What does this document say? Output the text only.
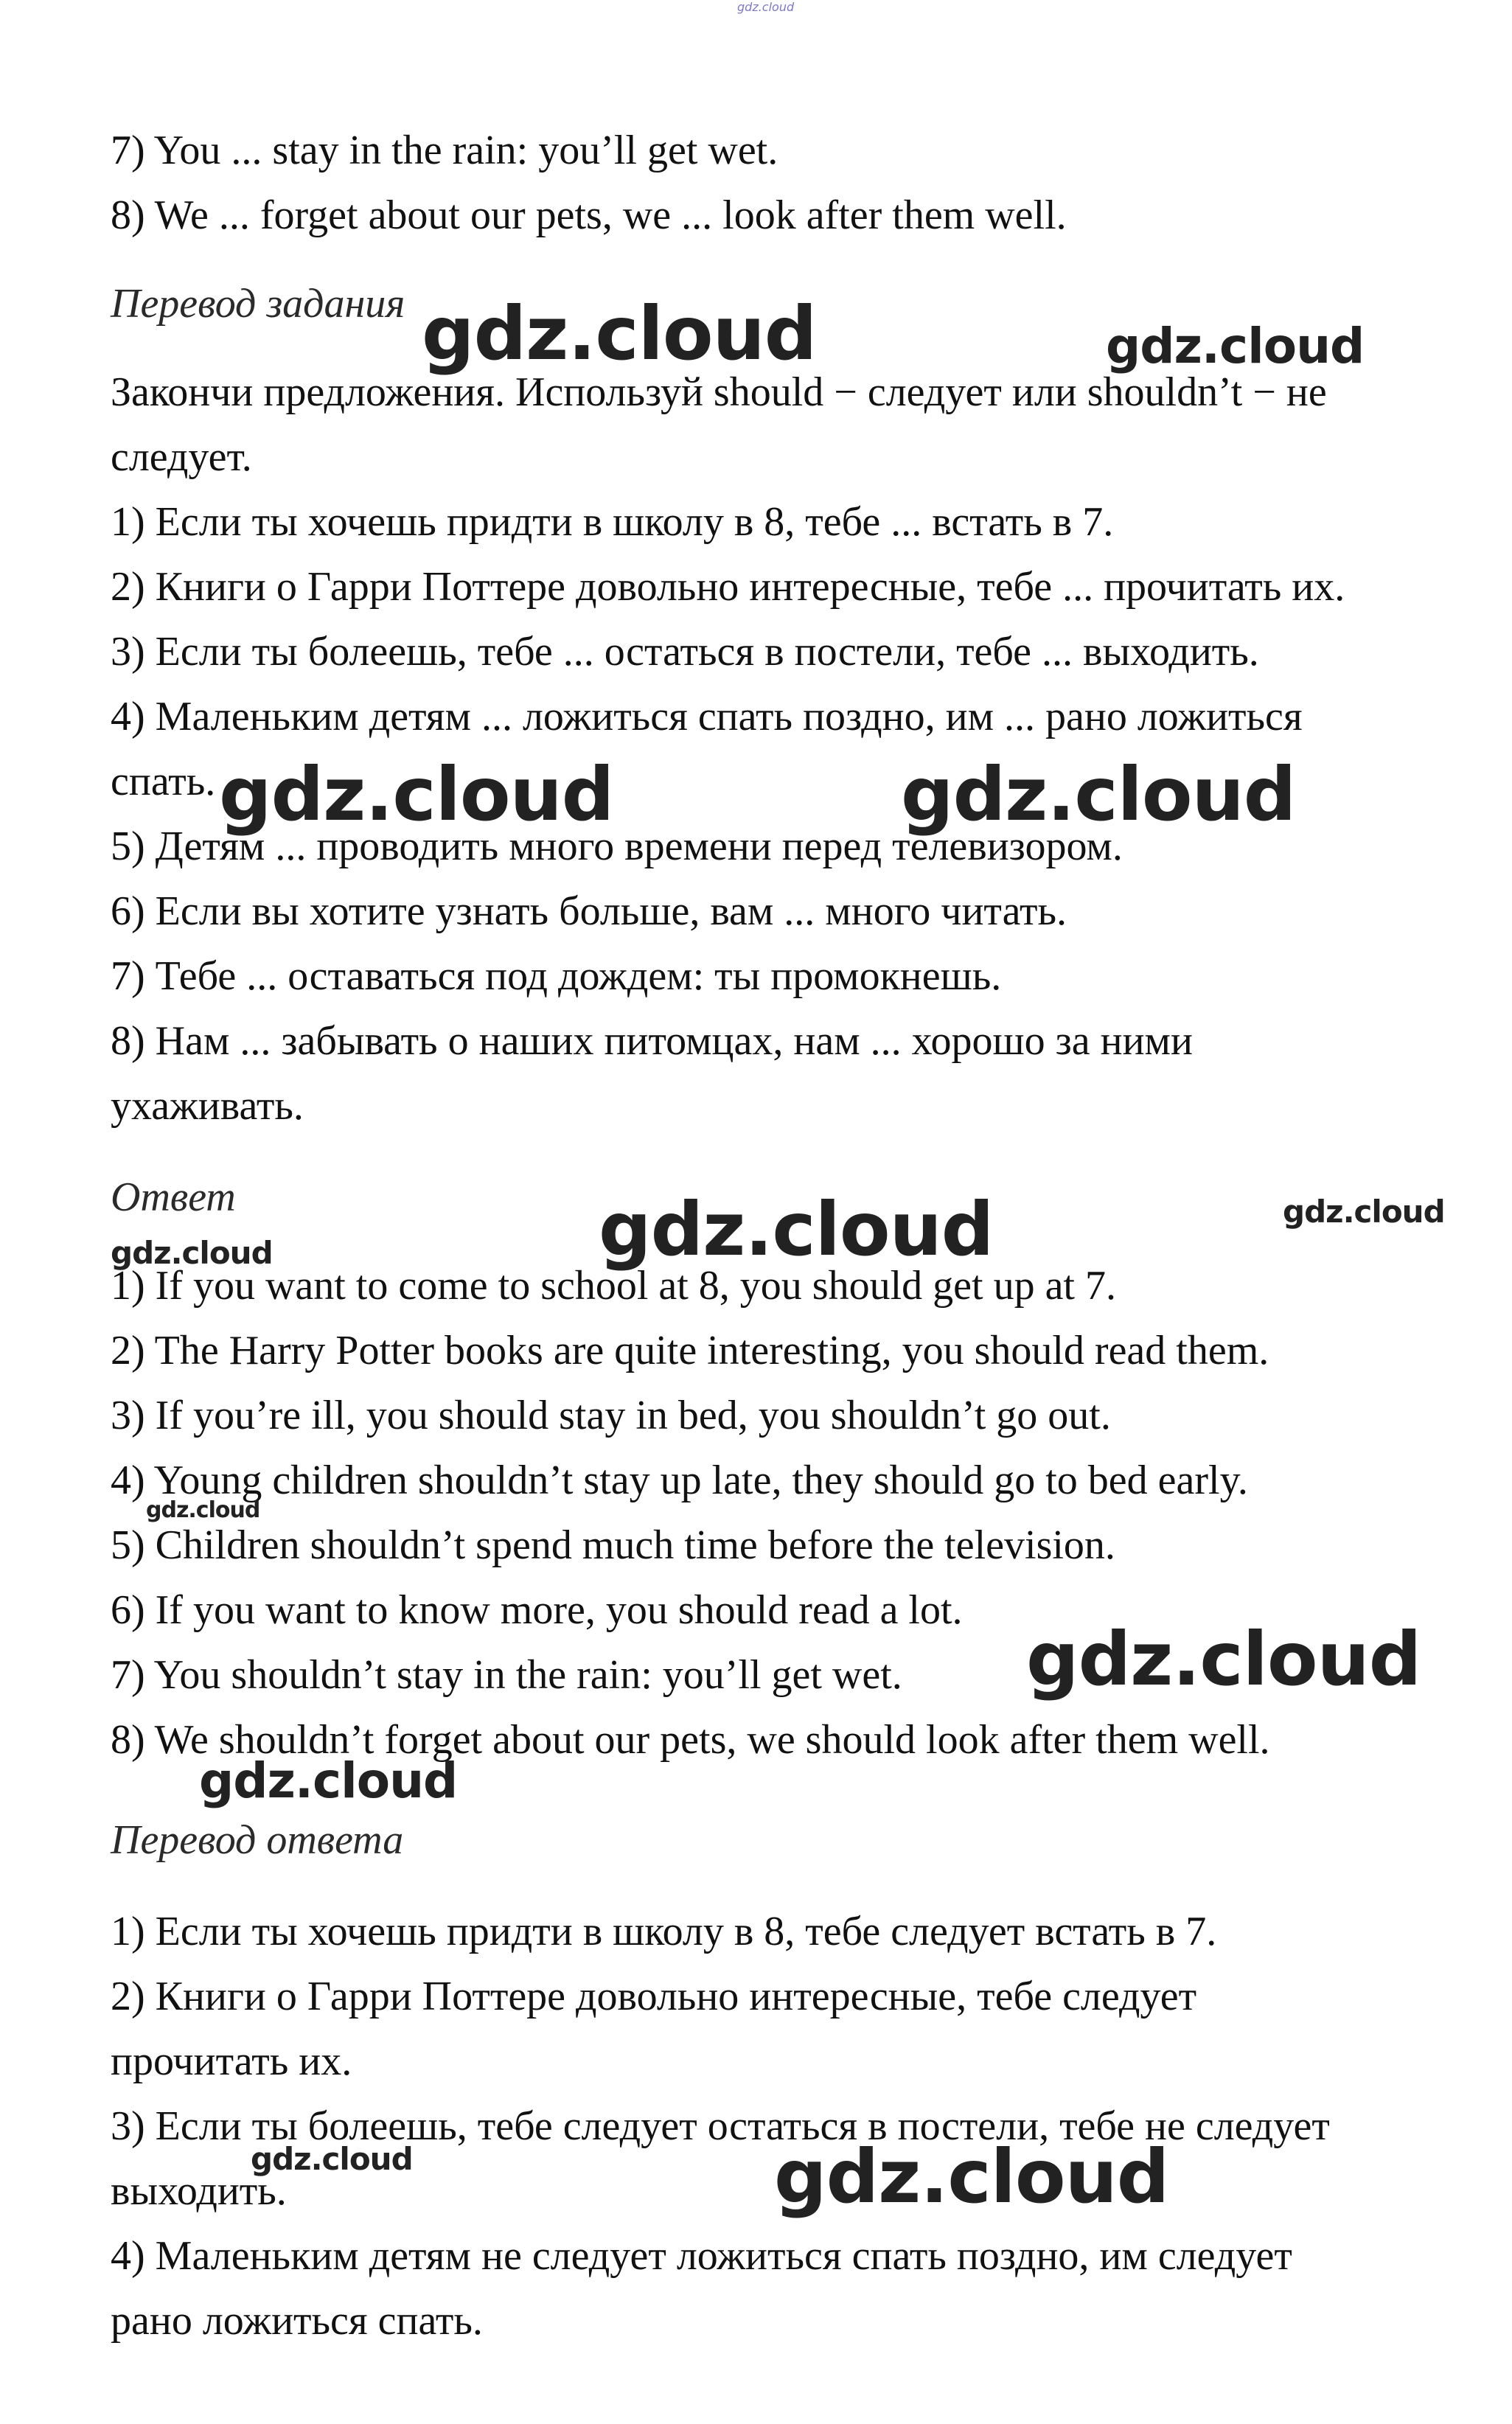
gdz.cloud
7) You ... stay in the rain: you’ll get wet.
8) We ... forget about our pets, we ... look after them well.
Перевод задания
Закончи предложения. Используй should − следует или shouldn’t − не
следует.
1) Если ты хочешь придти в школу в 8, тебе ... встать в 7.
2) Книги о Гарри Поттере довольно интересные, тебе ... прочитать их.
3) Если ты болеешь, тебе ... остаться в постели, тебе ... выходить.
4) Маленьким детям ... ложиться спать поздно, им ... рано ложиться
спать.
5) Детям ... проводить много времени перед телевизором.
6) Если вы хотите узнать больше, вам ... много читать.
7) Тебе ... оставаться под дождем: ты промокнешь.
8) Нам ... забывать о наших питомцах, нам ... хорошо за ними
ухаживать.
Ответ
1) If you want to come to school at 8, you should get up at 7.
2) The Harry Potter books are quite interesting, you should read them.
3) If you’re ill, you should stay in bed, you shouldn’t go out.
4) Young children shouldn’t stay up late, they should go to bed early.
5) Children shouldn’t spend much time before the television.
6) If you want to know more, you should read a lot.
7) You shouldn’t stay in the rain: you’ll get wet.
8) We shouldn’t forget about our pets, we should look after them well.
Перевод ответа
1) Если ты хочешь придти в школу в 8, тебе следует встать в 7.
2) Книги о Гарри Поттере довольно интересные, тебе следует
прочитать их.
3) Если ты болеешь, тебе следует остаться в постели, тебе не следует
выходить.
4) Маленьким детям не следует ложиться спать поздно, им следует
рано ложиться спать.
gdz.cloud	gdz.cloud
gdz.cloud	gdz.cloud
gdz.cloud	gdz.cloud
gdz.cloud
gdz.cloud
gdz.cloud
gdz.cloud
gdz.cloud	gdz.cloud
